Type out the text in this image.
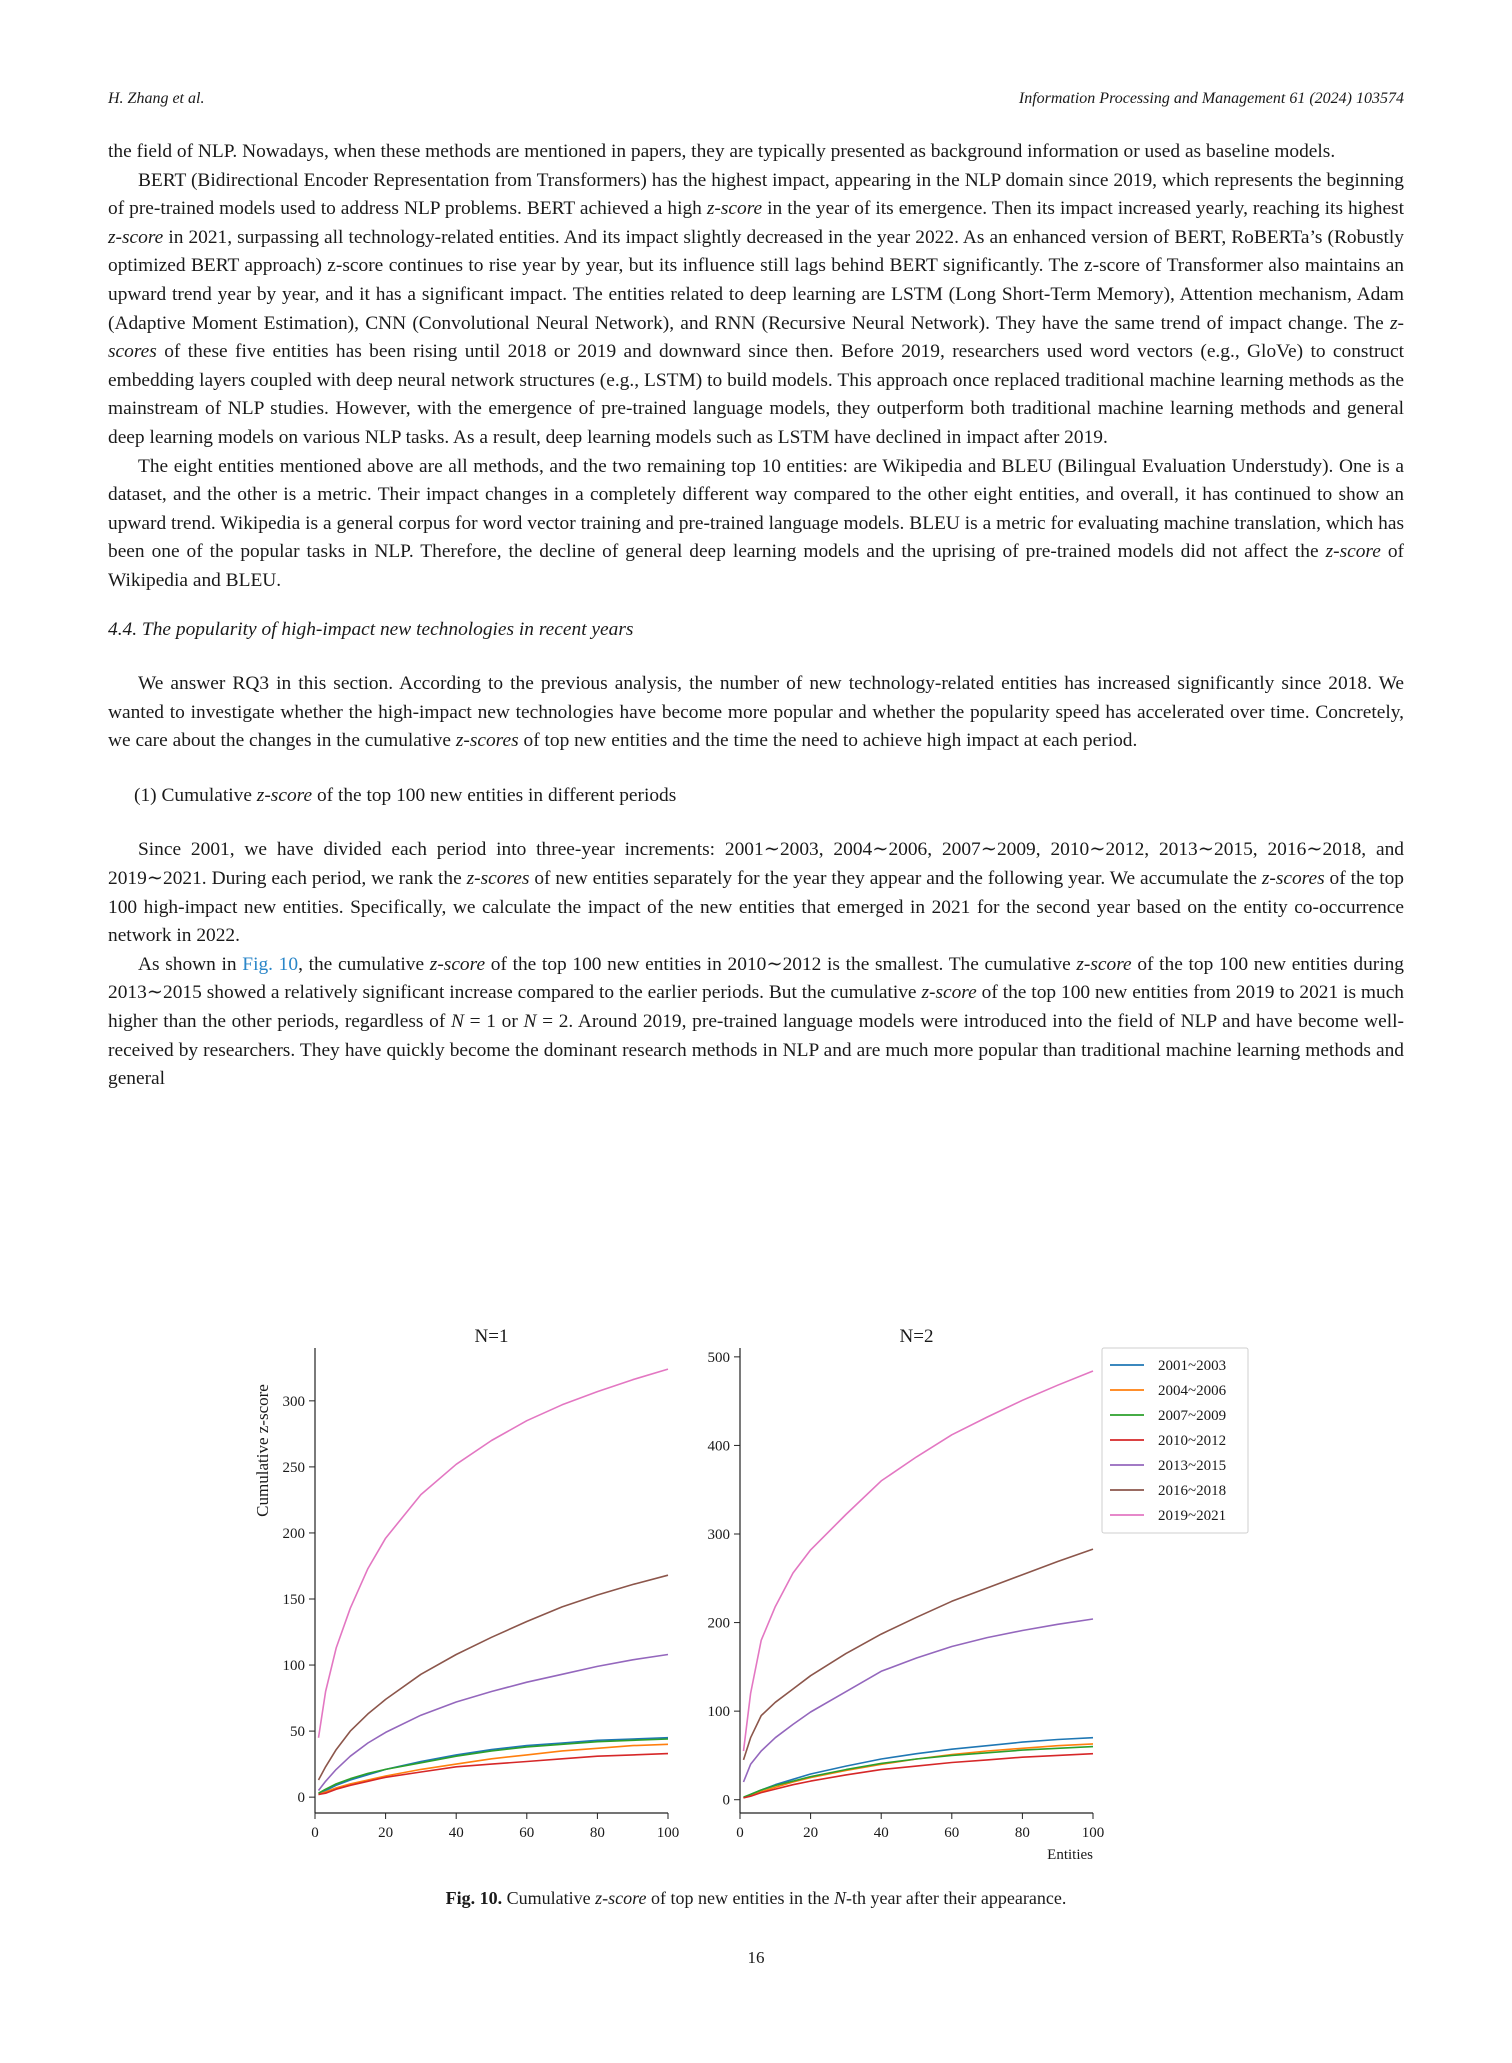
H. Zhang et al.	Information Processing and Management 61 (2024) 103574

the field of NLP. Nowadays, when these methods are mentioned in papers, they are typically presented as background information or used as baseline models.

BERT (Bidirectional Encoder Representation from Transformers) has the highest impact, appearing in the NLP domain since 2019, which represents the beginning of pre-trained models used to address NLP problems. BERT achieved a high z-score in the year of its emergence. Then its impact increased yearly, reaching its highest z-score in 2021, surpassing all technology-related entities. And its impact slightly decreased in the year 2022. As an enhanced version of BERT, RoBERTa’s (Robustly optimized BERT approach) z-score continues to rise year by year, but its influence still lags behind BERT significantly. The z-score of Transformer also maintains an upward trend year by year, and it has a significant impact. The entities related to deep learning are LSTM (Long Short-Term Memory), Attention mechanism, Adam (Adaptive Moment Estimation), CNN (Convolutional Neural Network), and RNN (Recursive Neural Network). They have the same trend of impact change. The z-scores of these five entities has been rising until 2018 or 2019 and downward since then. Before 2019, researchers used word vectors (e.g., GloVe) to construct embedding layers coupled with deep neural network structures (e.g., LSTM) to build models. This approach once replaced traditional machine learning methods as the mainstream of NLP studies. However, with the emergence of pre-trained language models, they outperform both traditional machine learning methods and general deep learning models on various NLP tasks. As a result, deep learning models such as LSTM have declined in impact after 2019.

The eight entities mentioned above are all methods, and the two remaining top 10 entities: are Wikipedia and BLEU (Bilingual Evaluation Understudy). One is a dataset, and the other is a metric. Their impact changes in a completely different way compared to the other eight entities, and overall, it has continued to show an upward trend. Wikipedia is a general corpus for word vector training and pre-trained language models. BLEU is a metric for evaluating machine translation, which has been one of the popular tasks in NLP. Therefore, the decline of general deep learning models and the uprising of pre-trained models did not affect the z-score of Wikipedia and BLEU.

4.4. The popularity of high-impact new technologies in recent years

We answer RQ3 in this section. According to the previous analysis, the number of new technology-related entities has increased significantly since 2018. We wanted to investigate whether the high-impact new technologies have become more popular and whether the popularity speed has accelerated over time. Concretely, we care about the changes in the cumulative z-scores of top new entities and the time the need to achieve high impact at each period.

(1) Cumulative z-score of the top 100 new entities in different periods

Since 2001, we have divided each period into three-year increments: 2001∼2003, 2004∼2006, 2007∼2009, 2010∼2012, 2013∼2015, 2016∼2018, and 2019∼2021. During each period, we rank the z-scores of new entities separately for the year they appear and the following year. We accumulate the z-scores of the top 100 high-impact new entities. Specifically, we calculate the impact of the new entities that emerged in 2021 for the second year based on the entity co-occurrence network in 2022.

As shown in Fig. 10, the cumulative z-score of the top 100 new entities in 2010∼2012 is the smallest. The cumulative z-score of the top 100 new entities during 2013∼2015 showed a relatively significant increase compared to the earlier periods. But the cumulative z-score of the top 100 new entities from 2019 to 2021 is much higher than the other periods, regardless of N = 1 or N = 2. Around 2019, pre-trained language models were introduced into the field of NLP and have become well-received by researchers. They have quickly become the dominant research methods in NLP and are much more popular than traditional machine learning methods and general

0
50
100
150
200
250
300
0	20	40	60	80	100
N=1
Cumulative z-score
0
100
200
300
400
500
0	20	40	60	80	100
N=2
Entities
2001~2003
2004~2006
2007~2009
2010~2012
2013~2015
2016~2018
2019~2021
Fig. 10. Cumulative z-score of top new entities in the N-th year after their appearance.
16
